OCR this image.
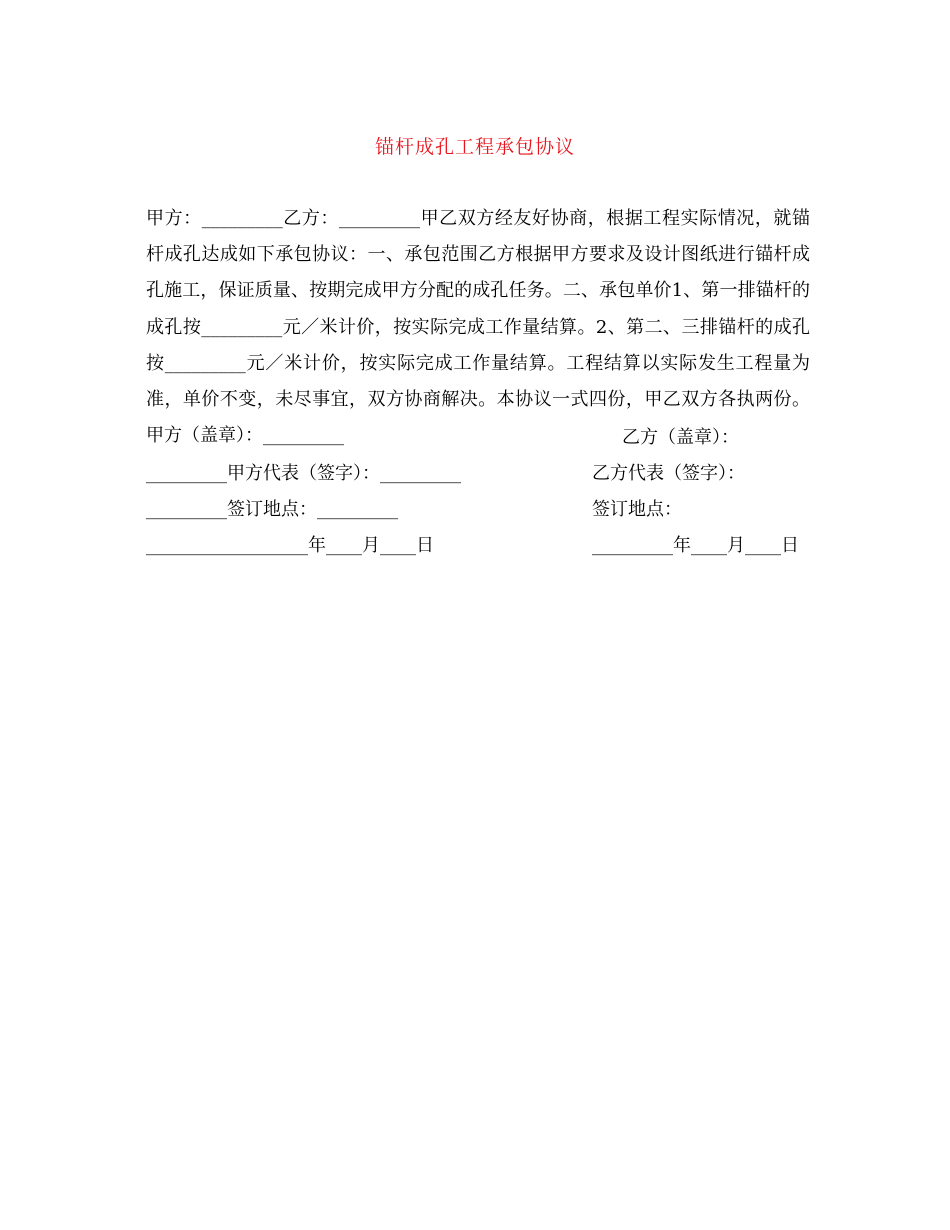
锚杆成孔工程承包协议

甲方：_________乙方：_________甲乙双方经友好协商，根据工程实际情况，就锚杆成孔达成如下承包协议：一、承包范围乙方根据甲方要求及设计图纸进行锚杆成孔施工，保证质量、按期完成甲方分配的成孔任务。二、承包单价1、第一排锚杆的成孔按_________元／米计价，按实际完成工作量结算。2、第二、三排锚杆的成孔按_________元／米计价，按实际完成工作量结算。工程结算以实际发生工程量为准，单价不变，未尽事宜，双方协商解决。本协议一式四份，甲乙双方各执两份。甲方（盖章）：_________	乙方（盖章）：
_________甲方代表（签字）：_________	乙方代表（签字）：
_________签订地点：_________	签订地点：
__________________年____月____日	_________年____月____日
